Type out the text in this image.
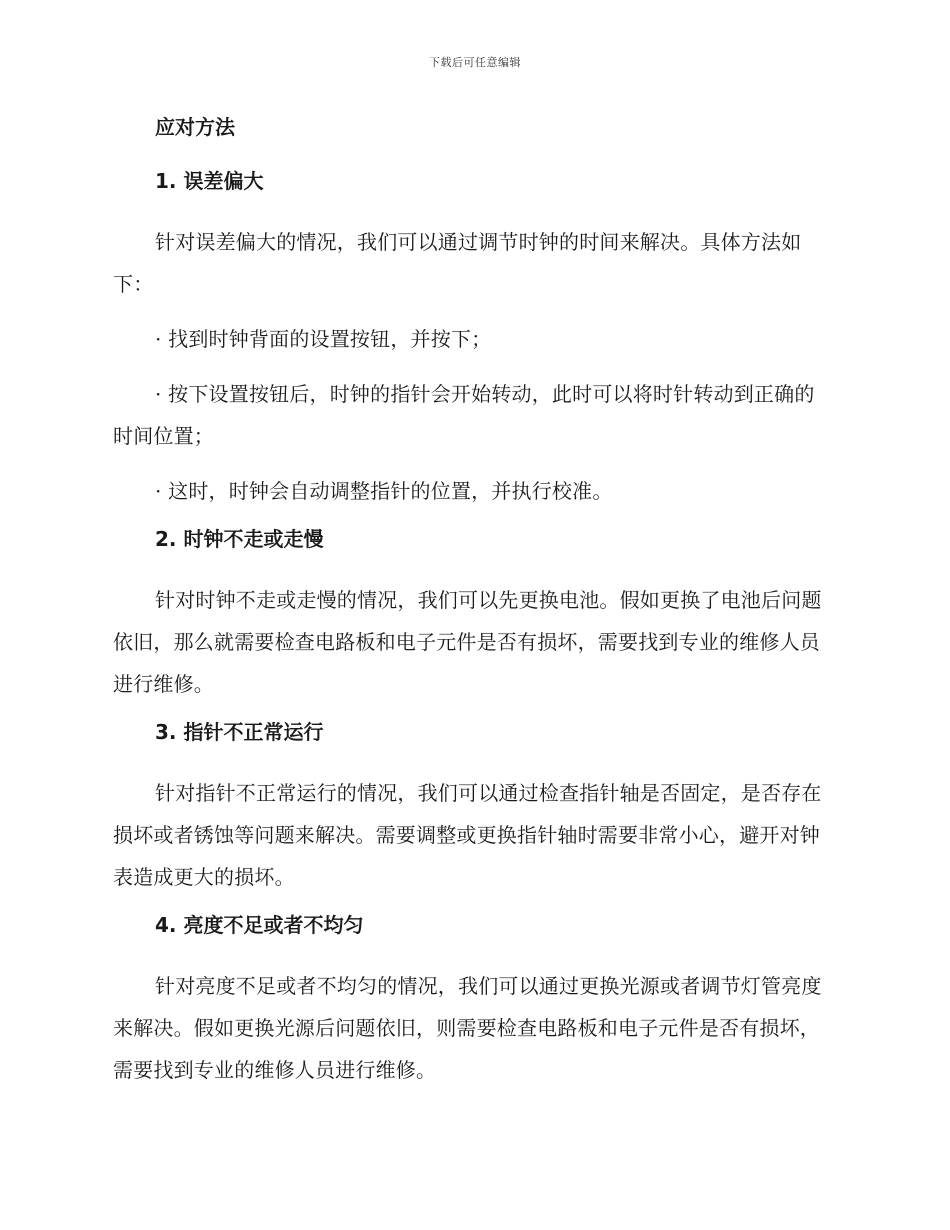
下载后可任意编辑
应对方法
1. 误差偏大

针对误差偏大的情况，我们可以通过调节时钟的时间来解决。具体方法如下：

· 找到时钟背面的设置按钮，并按下；

· 按下设置按钮后，时钟的指针会开始转动，此时可以将时针转动到正确的时间位置；

· 这时，时钟会自动调整指针的位置，并执行校准。

2. 时钟不走或走慢

针对时钟不走或走慢的情况，我们可以先更换电池。假如更换了电池后问题依旧，那么就需要检查电路板和电子元件是否有损坏，需要找到专业的维修人员进行维修。

3. 指针不正常运行

针对指针不正常运行的情况，我们可以通过检查指针轴是否固定，是否存在损坏或者锈蚀等问题来解决。需要调整或更换指针轴时需要非常小心，避开对钟表造成更大的损坏。

4. 亮度不足或者不均匀

针对亮度不足或者不均匀的情况，我们可以通过更换光源或者调节灯管亮度来解决。假如更换光源后问题依旧，则需要检查电路板和电子元件是否有损坏，需要找到专业的维修人员进行维修。
